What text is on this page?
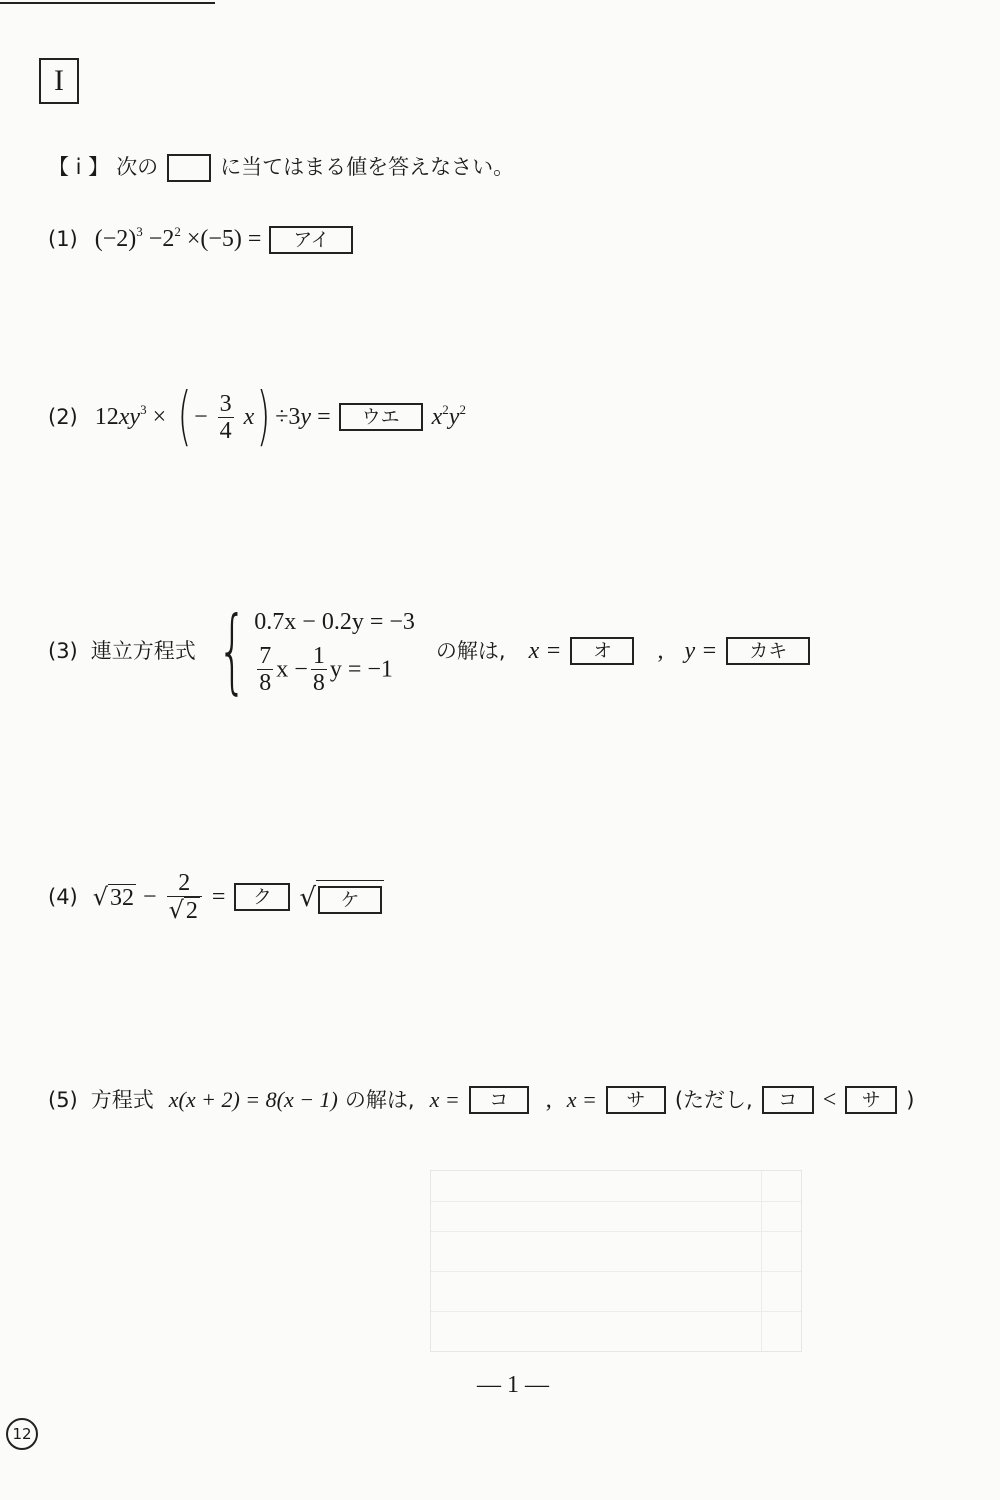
I
【 i 】 次の	に当てはまる値を答えなさい。
(1) $(-2)^3 -2^2 \times(-5)$ = アイ
(2) $12xy^3$ × ( − $\frac{3}{4}$ x ) ÷3y = ウエ $x^2y^2$
(3) 連立方程式 { 0.7x − 0.2y = −3
$\frac{7}{8}$ $x - \frac{1}{8}$ y = −1
の解は, x = オ , y = カキ
(4) $√32 - \frac{2}{√2}$ = ク √ ケ
(5) 方程式 x(x + 2) = 8(x − 1) の解は, x = コ , x = サ (ただし, コ < サ )
— 1 —
12
